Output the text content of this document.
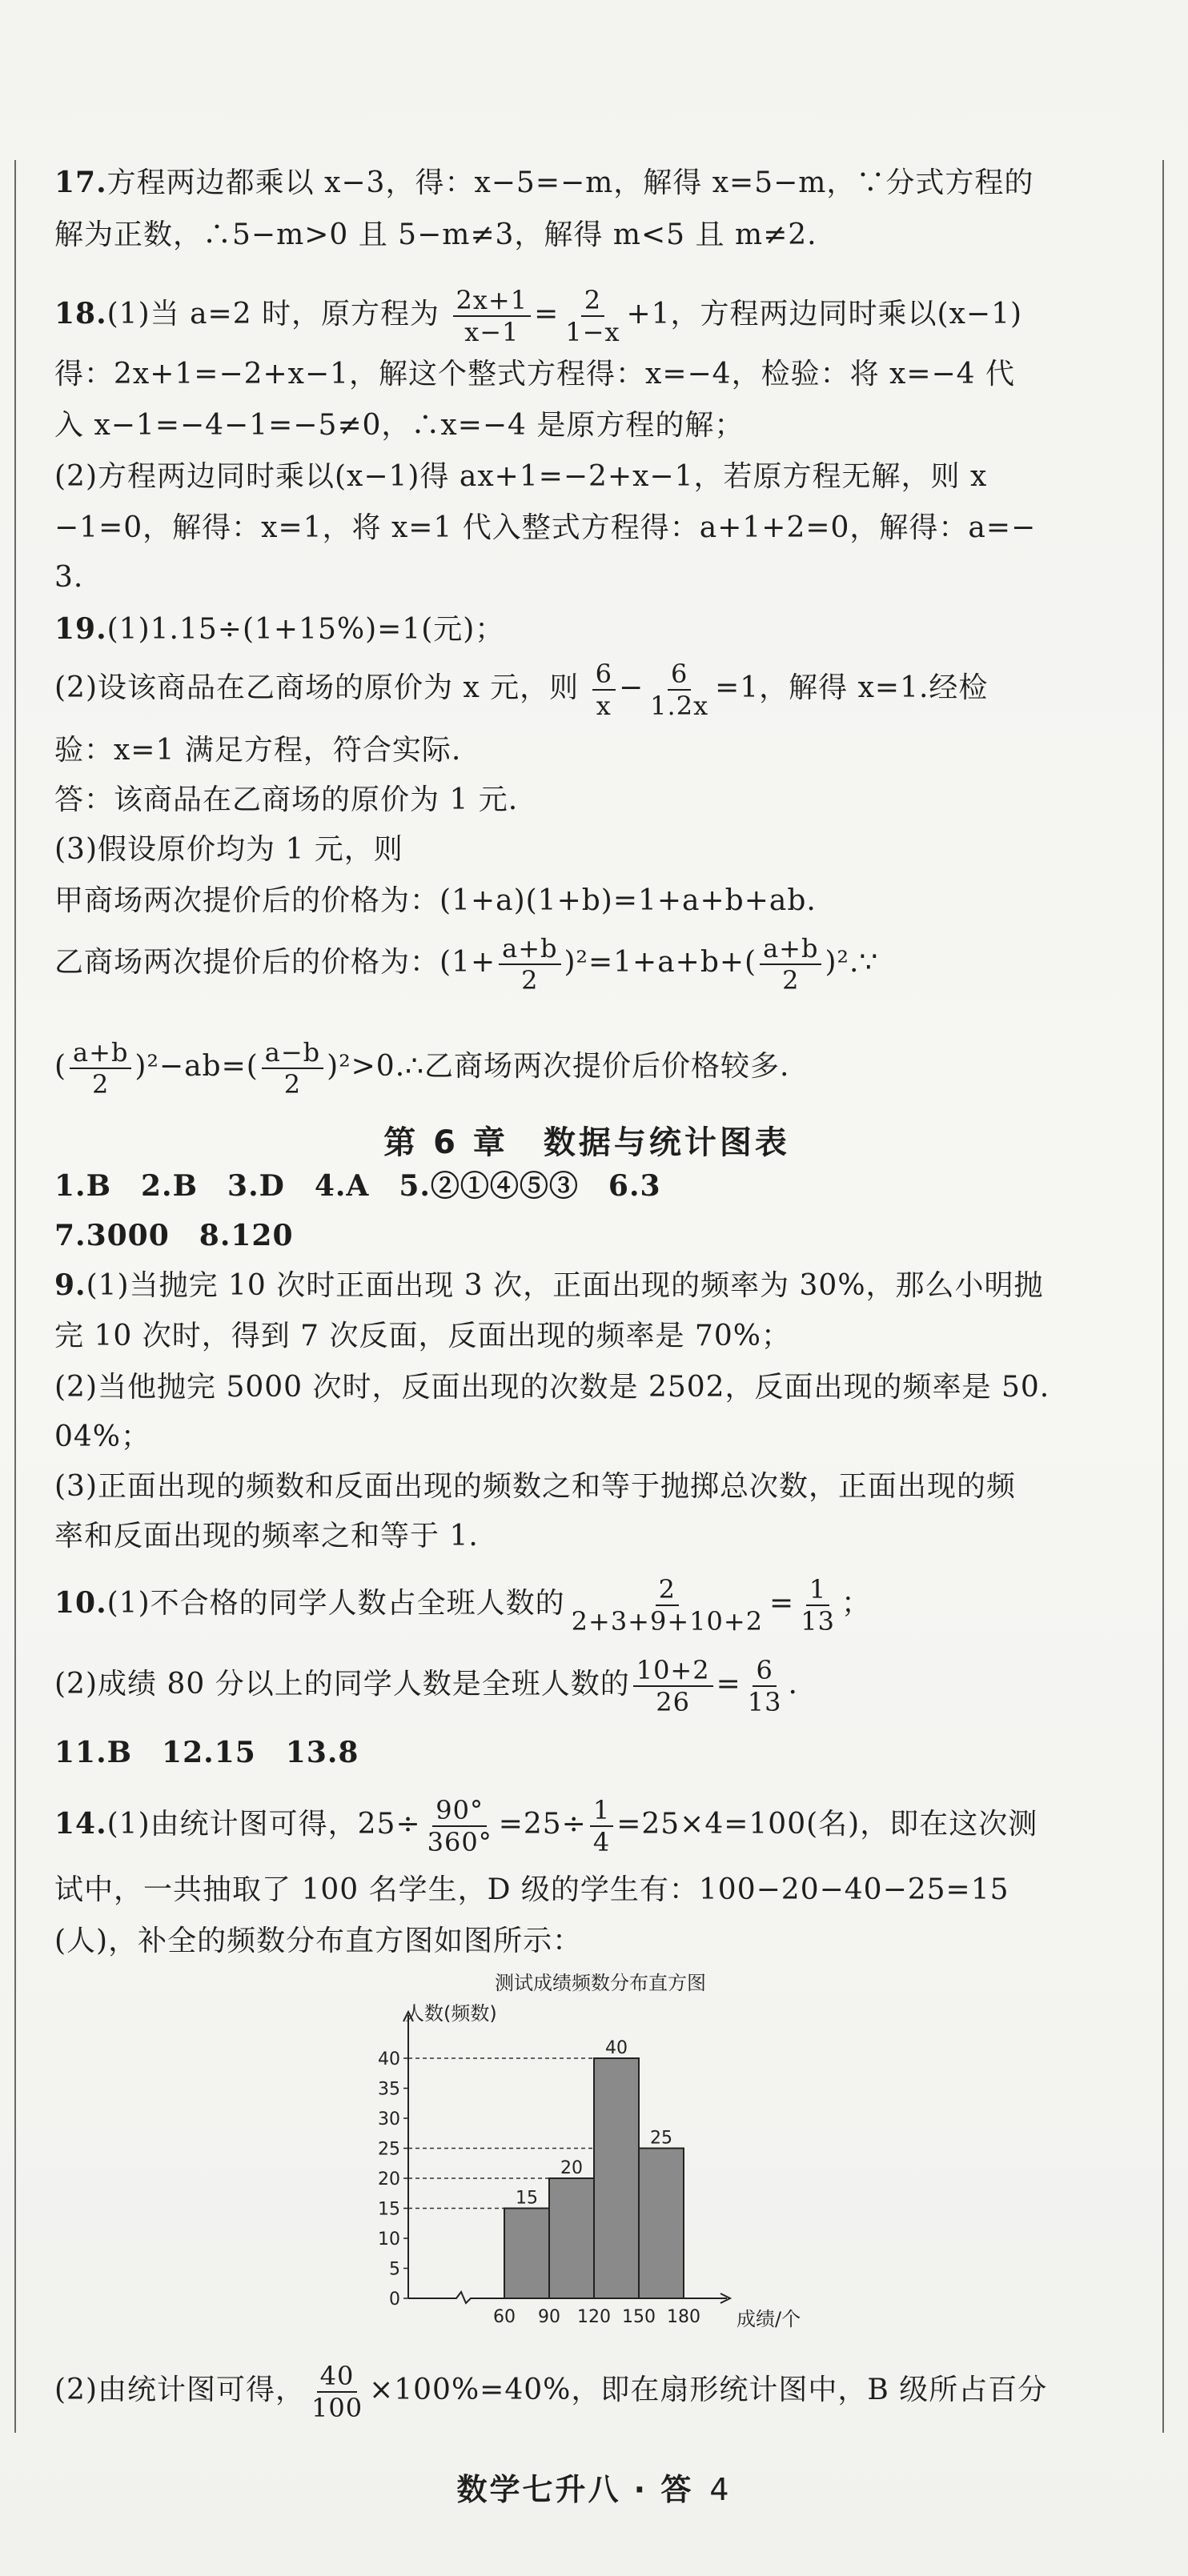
17.方程两边都乘以 x−3，得：x−5=−m，解得 x=5−m，∵分式方程的
解为正数，∴5−m>0 且 5−m≠3，解得 m<5 且 m≠2.
18.(1)当 a=2 时，原方程为 $\frac{2x+1}{x-1} = \frac{2}{1-x} +1$，方程两边同时乘以(x−1)
得：2x+1=−2+x−1，解这个整式方程得：x=−4，检验：将 x=−4 代
入 x−1=−4−1=−5≠0，∴x=−4 是原方程的解；
(2)方程两边同时乘以(x−1)得 ax+1=−2+x−1，若原方程无解，则 x
−1=0，解得：x=1，将 x=1 代入整式方程得：a+1+2=0，解得：a=−
3.
19.(1)1.15÷(1+15%)=1(元)；
(2)设该商品在乙商场的原价为 x 元，则 $\frac{6}{x} - \frac{6}{1.2x} =1$，解得 x=1.经检
验：x=1 满足方程，符合实际.
答：该商品在乙商场的原价为 1 元.
(3)假设原价均为 1 元，则
甲商场两次提价后的价格为：(1+a)(1+b)=1+a+b+ab.
乙商场两次提价后的价格为：$(1+ \frac{a+b}{2} )^2=1+a+b+( \frac{a+b}{2}$ )².∵
( $\frac{a+b}{2} )^2-ab=( \frac{a-b}{2}$ )²>0.∴乙商场两次提价后价格较多.
第 6 章　数据与统计图表
1.B　2.B　3.D　4.A　5.②①④⑤③　6.3
7.3000　8.120
9.(1)当抛完 10 次时正面出现 3 次，正面出现的频率为 30%，那么小明抛
完 10 次时，得到 7 次反面，反面出现的频率是 70%；
(2)当他抛完 5000 次时，反面出现的次数是 2502，反面出现的频率是 50.
04%；
(3)正面出现的频数和反面出现的频数之和等于抛掷总次数，正面出现的频
率和反面出现的频率之和等于 1.
10.(1)不合格的同学人数占全班人数的 $\frac{2}{2+3+9+10+2} = \frac{1}{13}$ ；
(2)成绩 80 分以上的同学人数是全班人数的 $\frac{10+2}{26} = \frac{6}{13}$ .
11.B　12.15　13.8
14.(1)由统计图可得，$25\div \frac{90^\circ}{360^\circ} =25\div \frac{1}{4} =25\times 4=100$(名)，即在这次测
试中，一共抽取了 100 名学生，D 级的学生有：100−20−40−25=15
(人)，补全的频数分布直方图如图所示：
测试成绩频数分布直方图
人数(频数)
15
20
40
25
0
5
10
15
20
25
30
35
40
60 90 120 150 180 成绩/个
(2)由统计图可得， $\frac{40}{100} \times 100\%=40\%$，即在扇形统计图中，B 级所占百分
数学七升八 · 答 4
